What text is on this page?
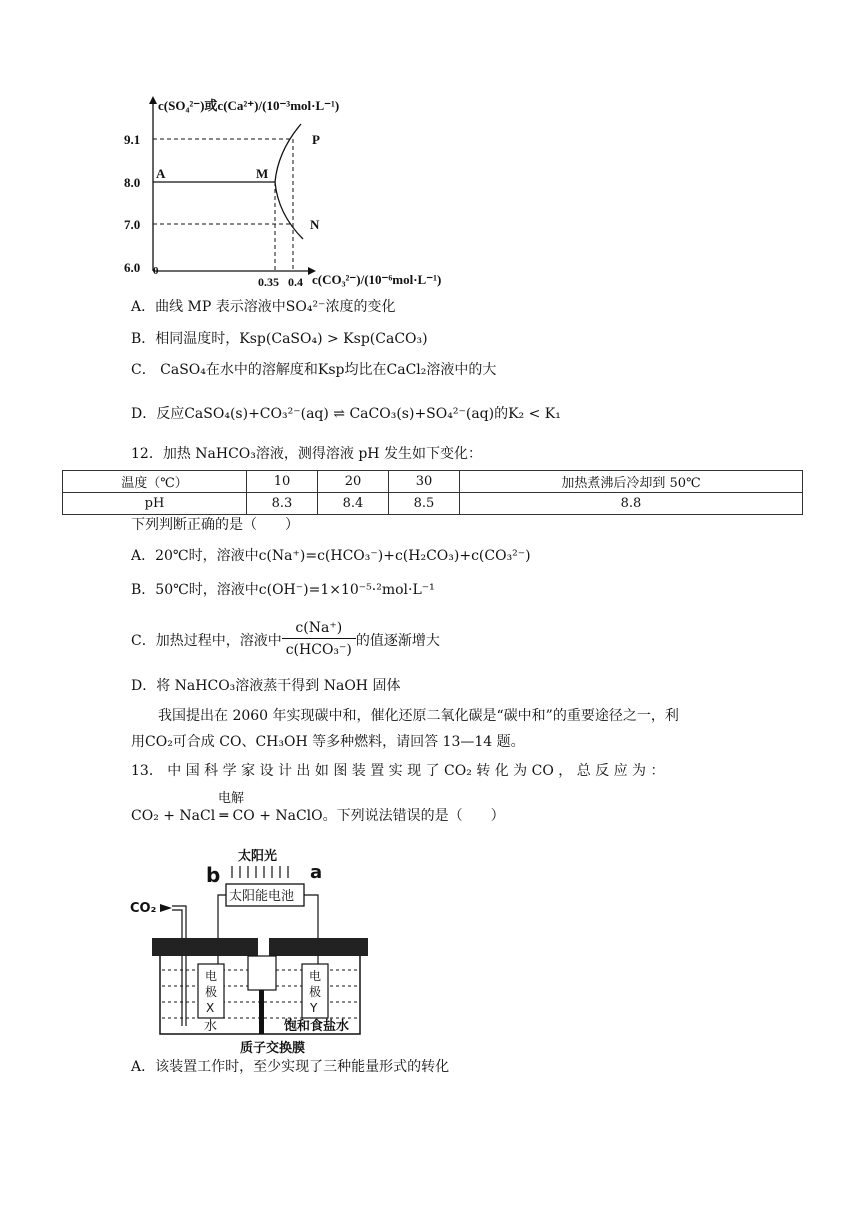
c(SO₄²⁻)或c(Ca²⁺)/(10⁻³mol·L⁻¹)
c(CO₃²⁻)/(10⁻⁶mol·L⁻¹)
9.1
8.0
7.0
6.0 0
0.35 0.4
A	M
P
N
A．曲线 MP 表示溶液中SO₄²⁻浓度的变化
B．相同温度时，Ksp(CaSO₄) > Ksp(CaCO₃)
C． CaSO₄在水中的溶解度和Ksp均比在CaCl₂溶液中的大
D．反应CaSO₄(s)+CO₃²⁻(aq) ⇌ CaCO₃(s)+SO₄²⁻(aq)的K₂ < K₁
12．加热 NaHCO₃溶液，测得溶液 pH 发生如下变化：
温度（℃）	10	20	30	加热煮沸后冷却到 50℃
pH	8.3	8.4	8.5	8.8
下列判断正确的是（　　）
A．20℃时，溶液中c(Na⁺)=c(HCO₃⁻)+c(H₂CO₃)+c(CO₃²⁻)
B．50℃时，溶液中c(OH⁻)=1×10⁻⁵·²mol·L⁻¹
C．加热过程中，溶液中 $\frac{c(Na^+)}{\text{c(HCO₃⁻)}}$ 的值逐渐增大
D．将 NaHCO₃溶液蒸干得到 NaOH 固体
我国提出在 2060 年实现碳中和，催化还原二氧化碳是“碳中和”的重要途径之一，利
用CO₂可合成 CO、CH₃OH 等多种燃料，请回答 13—14 题。
13． 中 国 科 学 家 设 计 出 如 图 装 置 实 现 了 CO₂ 转 化 为 CO ， 总 反 应 为 ：
电解
CO₂ + NaCl ═ CO + NaClO。下列说法错误的是（　　）
太阳光
b	a
太阳能电池
CO₂
电
极
X
电
极
Y
水	饱和食盐水
质子交换膜
A．该装置工作时，至少实现了三种能量形式的转化
